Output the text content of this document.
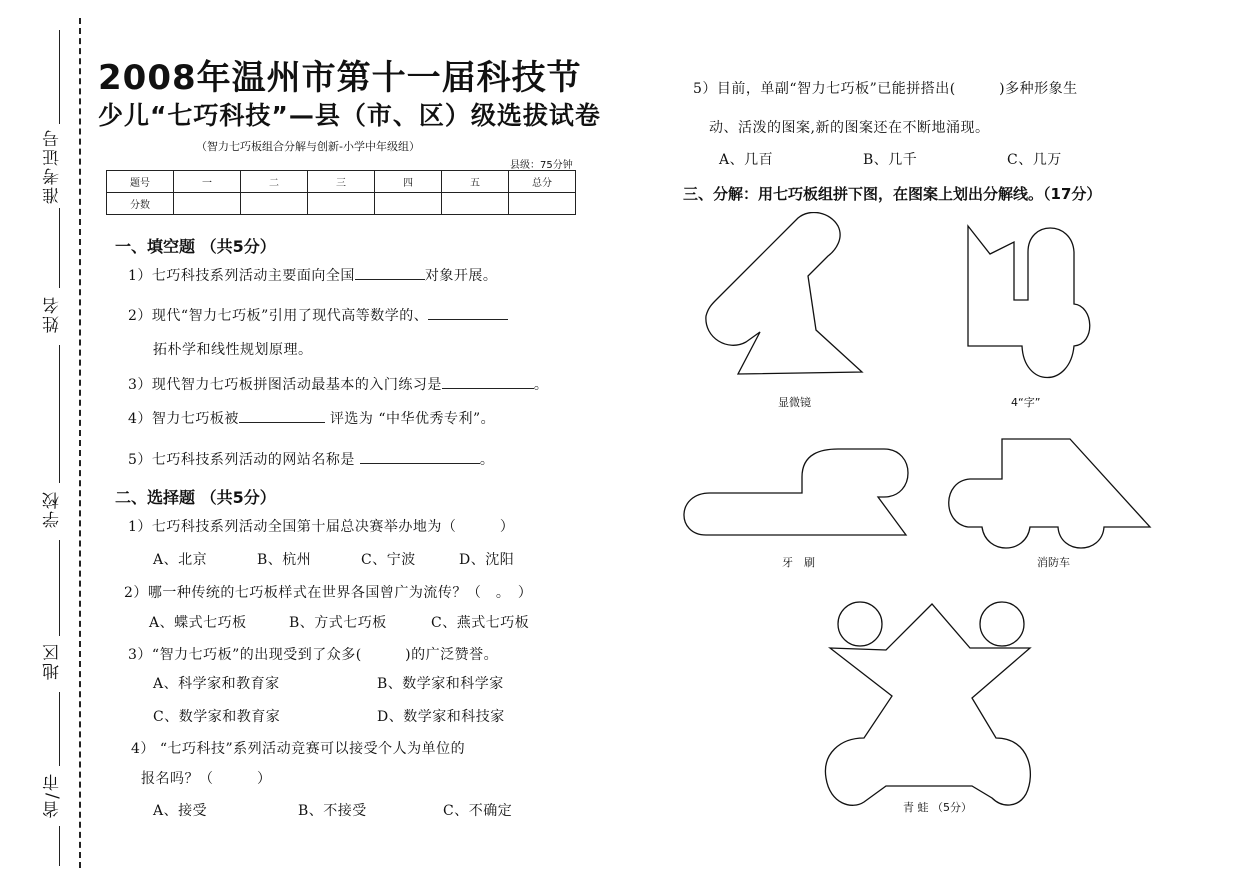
准考证号
姓名
学校
地区
省/市
2008年温州市第十一届科技节
少儿“七巧科技”—县（市、区）级选拔试卷
（智力七巧板组合分解与创新-小学中年级组）
县级：75分钟
题号	一	二	三	四	五	总分
分数						
一、填空题 （共5分）
1）七巧科技系列活动主要面向全国	对象开展。
2）现代“智力七巧板”引用了现代高等数学的、
拓朴学和线性规划原理。
3）现代智力七巧板拼图活动最基本的入门练习是	。
4）智力七巧板被	评选为 “中华优秀专利”。
5）七巧科技系列活动的网站名称是	。
二、选择题 （共5分）
1）七巧科技系列活动全国第十届总决赛举办地为（　　　）
A、北京	B、杭州	C、宁波	D、沈阳
2）哪一种传统的七巧板样式在世界各国曾广为流传？（　。　）
A、蝶式七巧板	B、方式七巧板	C、燕式七巧板
3）“智力七巧板”的出现受到了众多(　　　)的广泛赞誉。
A、科学家和教育家	B、数学家和科学家
C、数学家和教育家	D、数学家和科技家
4） “七巧科技”系列活动竞赛可以接受个人为单位的
报名吗？（　　　）
A、接受	B、不接受	C、不确定
5）目前，单副“智力七巧板”已能拼搭出(　　　)多种形象生
动、活泼的图案,新的图案还在不断地涌现。
A、几百	B、几千	C、几万
三、分解：用七巧板组拼下图，在图案上划出分解线。（17分）
显微镜	4“字”
牙　刷	消防车
青 蛙 （5分）
